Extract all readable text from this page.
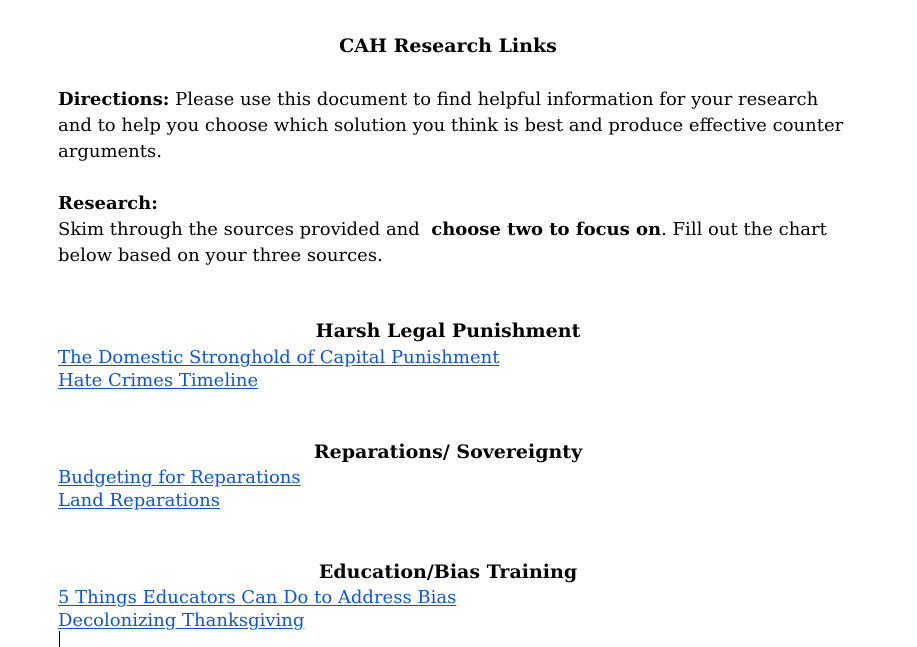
CAH Research Links
Directions: Please use this document to find helpful information for your research and to help you choose which solution you think is best and produce effective counter arguments.
Research:
Skim through the sources provided and  choose two to focus on. Fill out the chart below based on your three sources.
Harsh Legal Punishment
The Domestic Stronghold of Capital Punishment
Hate Crimes Timeline
Reparations/ Sovereignty
Budgeting for Reparations
Land Reparations
Education/Bias Training
5 Things Educators Can Do to Address Bias
Decolonizing Thanksgiving
